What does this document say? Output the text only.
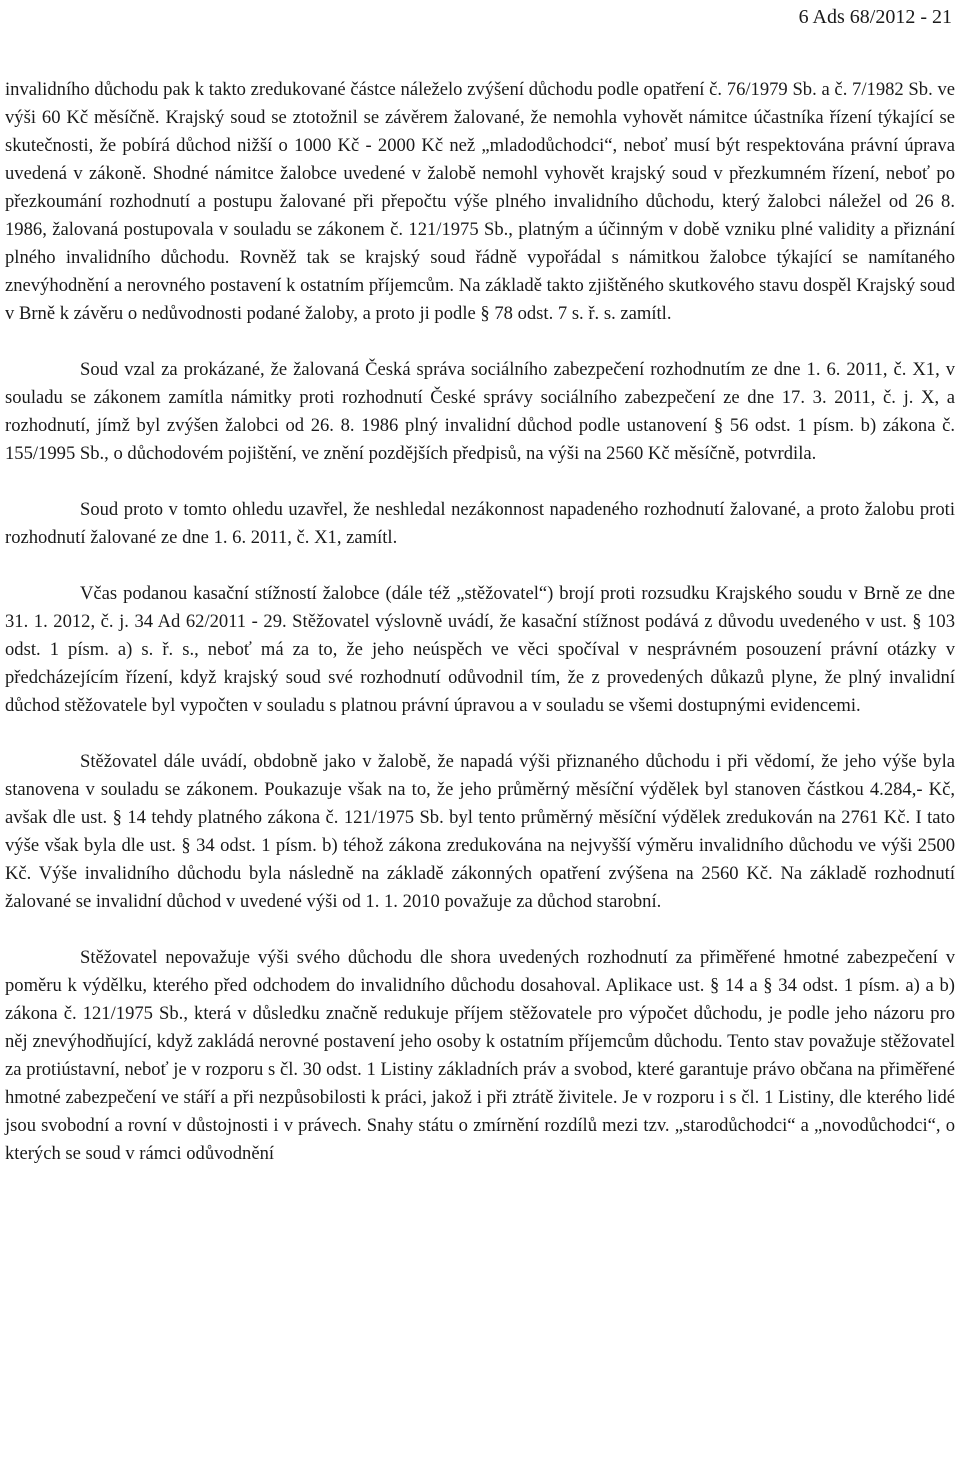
6 Ads 68/2012 - 21

invalidního důchodu pak k takto zredukované částce náleželo zvýšení důchodu podle opatření č. 76/1979 Sb. a č. 7/1982 Sb. ve výši 60 Kč měsíčně. Krajský soud se ztotožnil se závěrem žalované, že nemohla vyhovět námitce účastníka řízení týkající se skutečnosti, že pobírá důchod nižší o 1000 Kč - 2000 Kč než „mladodůchodci“, neboť musí být respektována právní úprava uvedená v zákoně. Shodné námitce žalobce uvedené v žalobě nemohl vyhovět krajský soud v přezkumném řízení, neboť po přezkoumání rozhodnutí a postupu žalované při přepočtu výše plného invalidního důchodu, který žalobci náležel od 26 8. 1986, žalovaná postupovala v souladu se zákonem č. 121/1975 Sb., platným a účinným v době vzniku plné validity a přiznání plného invalidního důchodu. Rovněž tak se krajský soud řádně vypořádal s námitkou žalobce týkající se namítaného znevýhodnění a nerovného postavení k ostatním příjemcům. Na základě takto zjištěného skutkového stavu dospěl Krajský soud v Brně k závěru o nedůvodnosti podané žaloby, a proto ji podle § 78 odst. 7 s. ř. s. zamítl.

Soud vzal za prokázané, že žalovaná Česká správa sociálního zabezpečení rozhodnutím ze dne 1. 6. 2011, č. X1, v souladu se zákonem zamítla námitky proti rozhodnutí České správy sociálního zabezpečení ze dne 17. 3. 2011, č. j. X, a rozhodnutí, jímž byl zvýšen žalobci od 26. 8. 1986 plný invalidní důchod podle ustanovení § 56 odst. 1 písm. b) zákona č. 155/1995 Sb., o důchodovém pojištění, ve znění pozdějších předpisů, na výši na 2560 Kč měsíčně, potvrdila.

Soud proto v tomto ohledu uzavřel, že neshledal nezákonnost napadeného rozhodnutí žalované, a proto žalobu proti rozhodnutí žalované ze dne 1. 6. 2011, č. X1, zamítl.

Včas podanou kasační stížností žalobce (dále též „stěžovatel“) brojí proti rozsudku Krajského soudu v Brně ze dne 31. 1. 2012, č. j. 34 Ad 62/2011 - 29. Stěžovatel výslovně uvádí, že kasační stížnost podává z důvodu uvedeného v ust. § 103 odst. 1 písm. a) s. ř. s., neboť má za to, že jeho neúspěch ve věci spočíval v nesprávném posouzení právní otázky v předcházejícím řízení, když krajský soud své rozhodnutí odůvodnil tím, že z provedených důkazů plyne, že plný invalidní důchod stěžovatele byl vypočten v souladu s platnou právní úpravou a v souladu se všemi dostupnými evidencemi.

Stěžovatel dále uvádí, obdobně jako v žalobě, že napadá výši přiznaného důchodu i při vědomí, že jeho výše byla stanovena v souladu se zákonem. Poukazuje však na to, že jeho průměrný měsíční výdělek byl stanoven částkou 4.284,- Kč, avšak dle ust. § 14 tehdy platného zákona č. 121/1975 Sb. byl tento průměrný měsíční výdělek zredukován na 2761 Kč. I tato výše však byla dle ust. § 34 odst. 1 písm. b) téhož zákona zredukována na nejvyšší výměru invalidního důchodu ve výši 2500 Kč. Výše invalidního důchodu byla následně na základě zákonných opatření zvýšena na 2560 Kč. Na základě rozhodnutí žalované se invalidní důchod v uvedené výši od 1. 1. 2010 považuje za důchod starobní.

Stěžovatel nepovažuje výši svého důchodu dle shora uvedených rozhodnutí za přiměřené hmotné zabezpečení v poměru k výdělku, kterého před odchodem do invalidního důchodu dosahoval. Aplikace ust. § 14 a § 34 odst. 1 písm. a) a b) zákona č. 121/1975 Sb., která v důsledku značně redukuje příjem stěžovatele pro výpočet důchodu, je podle jeho názoru pro něj znevýhodňující, když zakládá nerovné postavení jeho osoby k ostatním příjemcům důchodu. Tento stav považuje stěžovatel za protiústavní, neboť je v rozporu s čl. 30 odst. 1 Listiny základních práv a svobod, které garantuje právo občana na přiměřené hmotné zabezpečení ve stáří a při nezpůsobilosti k práci, jakož i při ztrátě živitele. Je v rozporu i s čl. 1 Listiny, dle kterého lidé jsou svobodní a rovní v důstojnosti i v právech. Snahy státu o zmírnění rozdílů mezi tzv. „starodůchodci“ a „novodůchodci“, o kterých se soud v rámci odůvodnění
